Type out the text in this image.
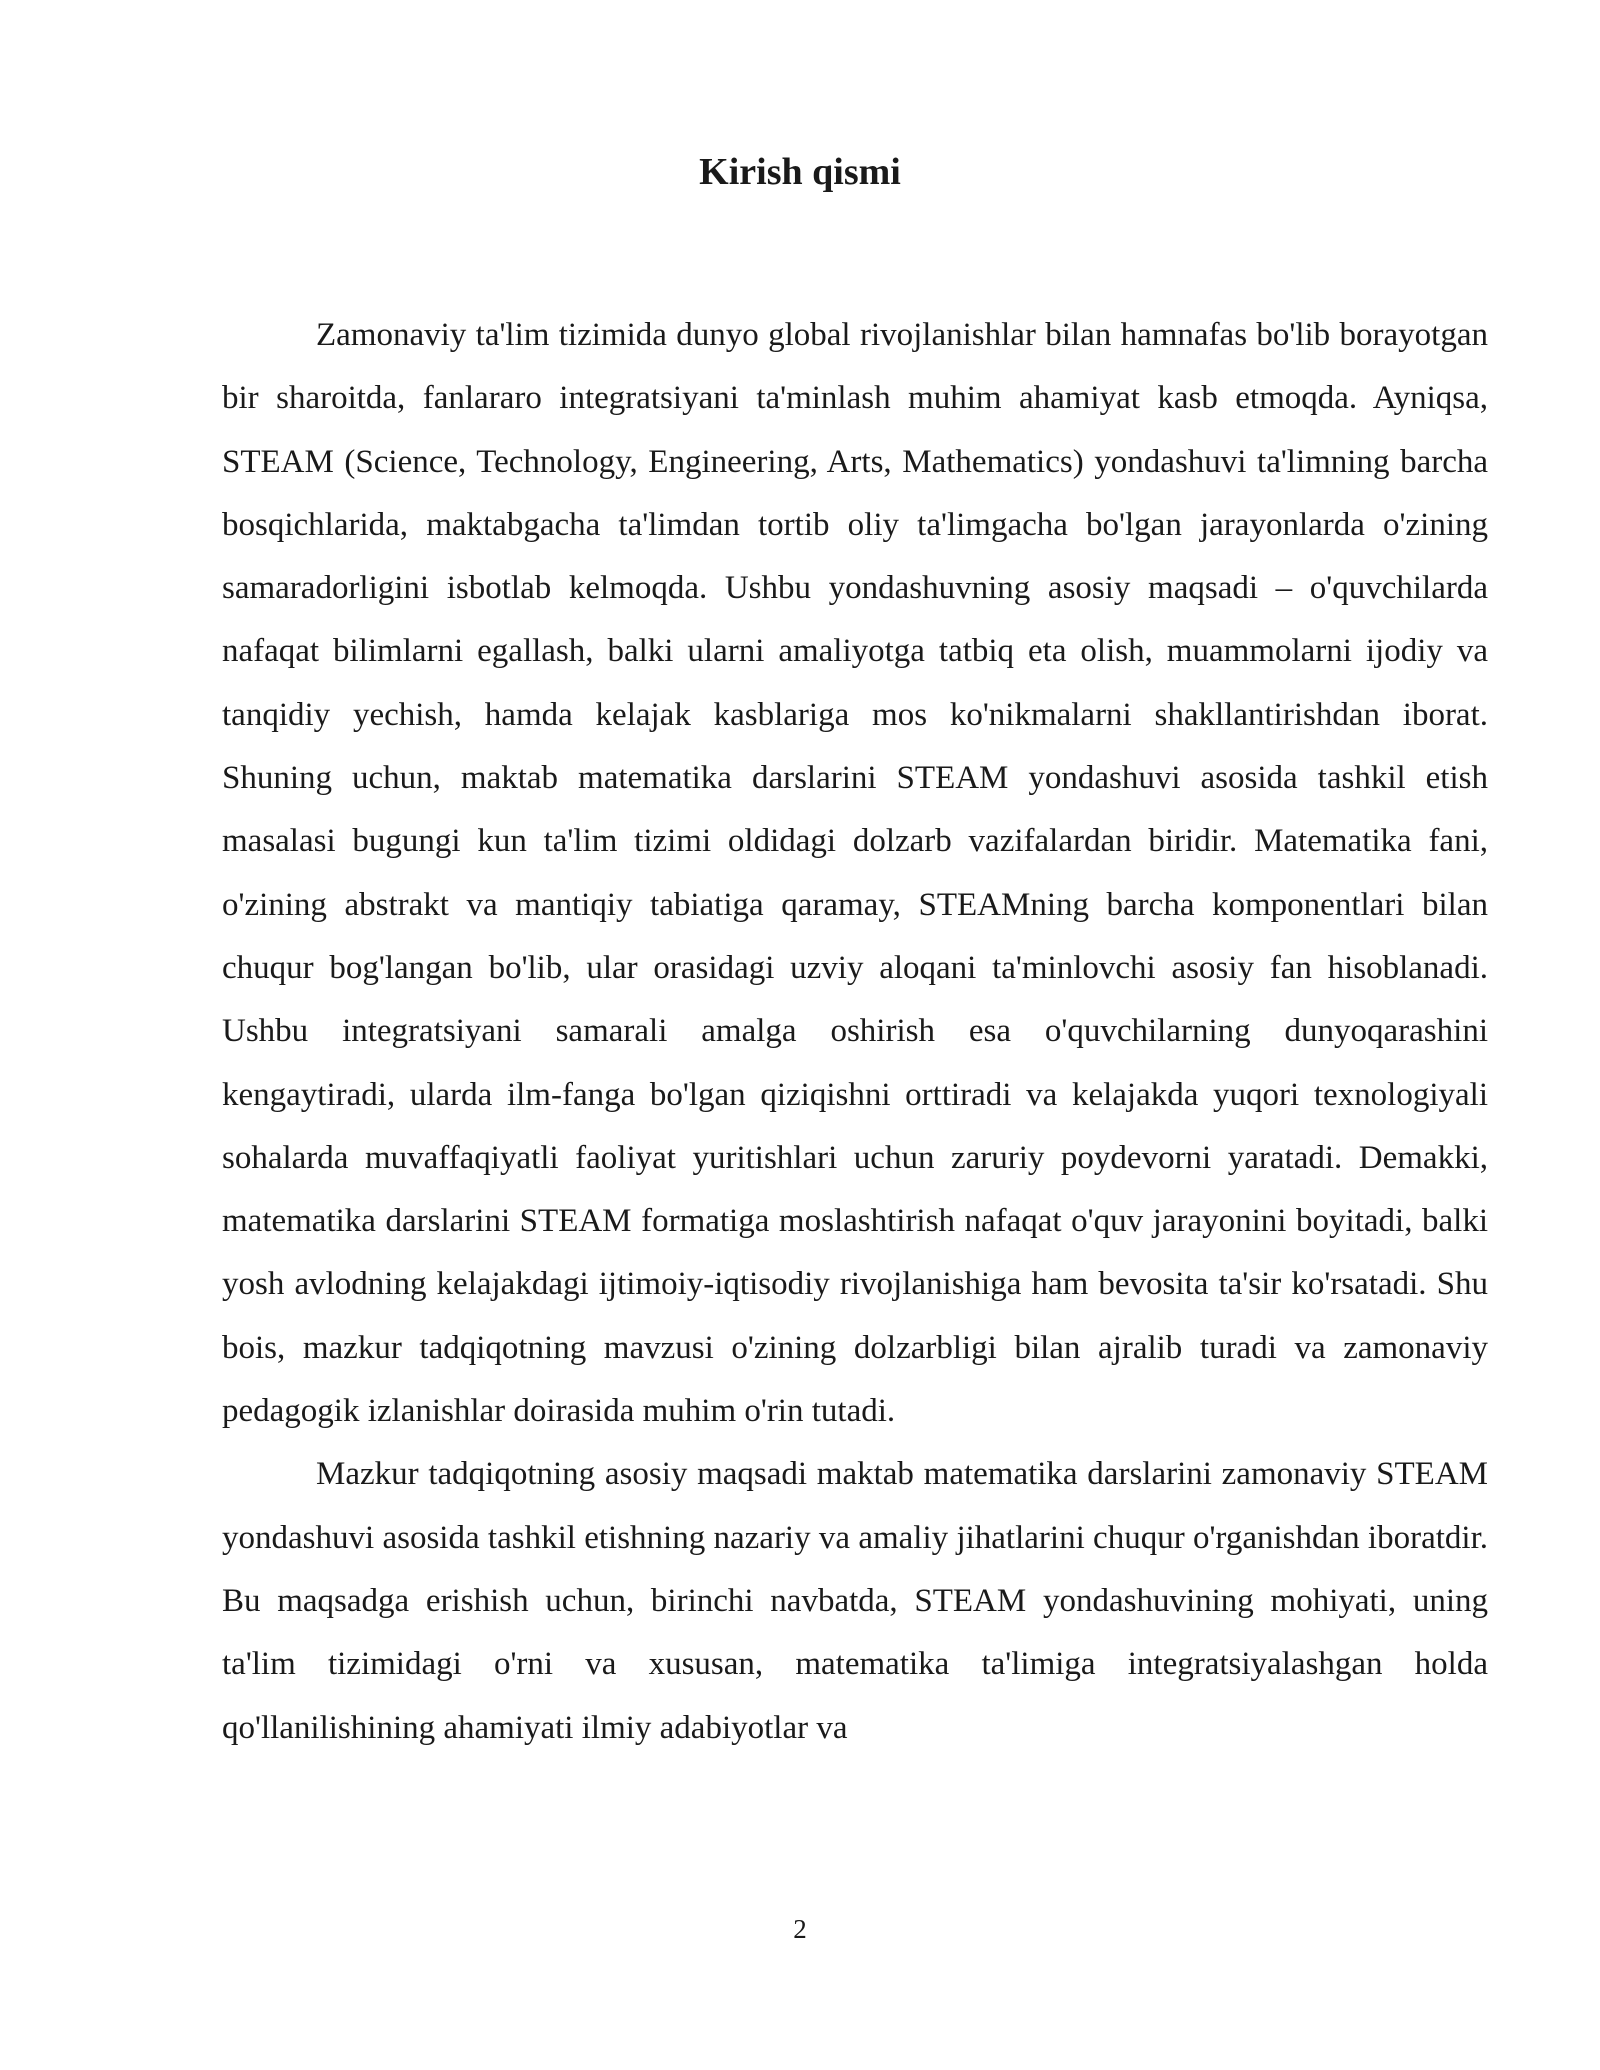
Kirish qismi

Zamonaviy ta'lim tizimida dunyo global rivojlanishlar bilan hamnafas bo'lib borayotgan bir sharoitda, fanlararo integratsiyani ta'minlash muhim ahamiyat kasb etmoqda. Ayniqsa, STEAM (Science, Technology, Engineering, Arts, Mathematics) yondashuvi ta'limning barcha bosqichlarida, maktabgacha ta'limdan tortib oliy ta'limgacha bo'lgan jarayonlarda o'zining samaradorligini isbotlab kelmoqda. Ushbu yondashuvning asosiy maqsadi – o'quvchilarda nafaqat bilimlarni egallash, balki ularni amaliyotga tatbiq eta olish, muammolarni ijodiy va tanqidiy yechish, hamda kelajak kasblariga mos ko'nikmalarni shakllantirishdan iborat. Shuning uchun, maktab matematika darslarini STEAM yondashuvi asosida tashkil etish masalasi bugungi kun ta'lim tizimi oldidagi dolzarb vazifalardan biridir. Matematika fani, o'zining abstrakt va mantiqiy tabiatiga qaramay, STEAMning barcha komponentlari bilan chuqur bog'langan bo'lib, ular orasidagi uzviy aloqani ta'minlovchi asosiy fan hisoblanadi. Ushbu integratsiyani samarali amalga oshirish esa o'quvchilarning dunyoqarashini kengaytiradi, ularda ilm-fanga bo'lgan qiziqishni orttiradi va kelajakda yuqori texnologiyali sohalarda muvaffaqiyatli faoliyat yuritishlari uchun zaruriy poydevorni yaratadi. Demakki, matematika darslarini STEAM formatiga moslashtirish nafaqat o'quv jarayonini boyitadi, balki yosh avlodning kelajakdagi ijtimoiy-iqtisodiy rivojlanishiga ham bevosita ta'sir ko'rsatadi. Shu bois, mazkur tadqiqotning mavzusi o'zining dolzarbligi bilan ajralib turadi va zamonaviy pedagogik izlanishlar doirasida muhim o'rin tutadi.

Mazkur tadqiqotning asosiy maqsadi maktab matematika darslarini zamonaviy STEAM yondashuvi asosida tashkil etishning nazariy va amaliy jihatlarini chuqur o'rganishdan iboratdir. Bu maqsadga erishish uchun, birinchi navbatda, STEAM yondashuvining mohiyati, uning ta'lim tizimidagi o'rni va xususan, matematika ta'limiga integratsiyalashgan holda qo'llanilishining ahamiyati ilmiy adabiyotlar va

2
